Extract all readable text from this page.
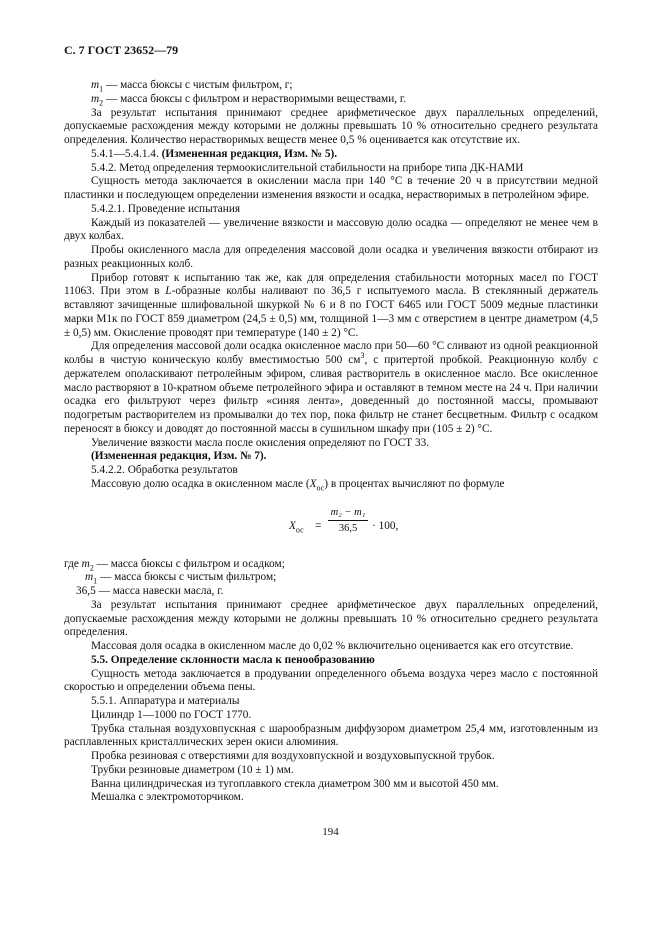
С. 7 ГОСТ 23652—79

$m_1$ — масса бюксы с чистым фильтром, г;

$m_2$ — масса бюксы с фильтром и нерастворимыми веществами, г.

За результат испытания принимают среднее арифметическое двух параллельных определений, допускаемые расхождения между которыми не должны превышать 10 % относительно среднего результата определения. Количество нерастворимых веществ менее 0,5 % оценивается как отсутствие их.

5.4.1—5.4.1.4. (Измененная редакция, Изм. № 5).

5.4.2. Метод определения термоокислительной стабильности на приборе типа ДК-НАМИ

Сущность метода заключается в окислении масла при 140 °С в течение 20 ч в присутствии медной пластинки и последующем определении изменения вязкости и осадка, нерастворимых в петролейном эфире.

5.4.2.1. Проведение испытания

Каждый из показателей — увеличение вязкости и массовую долю осадка — определяют не менее чем в двух колбах.

Пробы окисленного масла для определения массовой доли осадка и увеличения вязкости отбирают из разных реакционных колб.

Прибор готовят к испытанию так же, как для определения стабильности моторных масел по ГОСТ 11063. При этом в L-образные колбы наливают по 36,5 г испытуемого масла. В стеклянный держатель вставляют зачищенные шлифовальной шкуркой № 6 и 8 по ГОСТ 6465 или ГОСТ 5009 медные пластинки марки М1к по ГОСТ 859 диаметром (24,5 ± 0,5) мм, толщиной 1—3 мм с отверстием в центре диаметром (4,5 ± 0,5) мм. Окисление проводят при температуре (140 ± 2) °С.

Для определения массовой доли осадка окисленное масло при 50—60 °С сливают из одной реакционной колбы в чистую коническую колбу вместимостью 500 $см^3$, с притертой пробкой. Реакционную колбу с держателем ополаскивают петролейным эфиром, сливая растворитель в окисленное масло. Все окисленное масло растворяют в 10-кратном объеме петролейного эфира и оставляют в темном месте на 24 ч. При наличии осадка его фильтруют через фильтр «синяя лента», доведенный до постоянной массы, промывают подогретым растворителем из промывалки до тех пор, пока фильтр не станет бесцветным. Фильтр с осадком переносят в бюксу и доводят до постоянной массы в сушильном шкафу при (105 ± 2) °С.

Увеличение вязкости масла после окисления определяют по ГОСТ 33.

(Измененная редакция, Изм. № 7).

5.4.2.2. Обработка результатов

Массовую долю осадка в окисленном масле $(X_{ос})$ в процентах вычисляют по формуле

$X_{ос}$ =
m₂ − m₁
36,5	· 100,

где $m_2$ — масса бюксы с фильтром и осадком;

$m_1$ — масса бюксы с чистым фильтром;

36,5 — масса навески масла, г.

За результат испытания принимают среднее арифметическое двух параллельных определений, допускаемые расхождения между которыми не должны превышать 10 % относительно среднего результата определения.

Массовая доля осадка в окисленном масле до 0,02 % включительно оценивается как его отсутствие.

5.5. Определение склонности масла к пенообразованию

Сущность метода заключается в продувании определенного объема воздуха через масло с постоянной скоростью и определении объема пены.

5.5.1. Аппаратура и материалы

Цилиндр 1—1000 по ГОСТ 1770.

Трубка стальная воздуховпускная с шарообразным диффузором диаметром 25,4 мм, изготовленным из расплавленных кристаллических зерен окиси алюминия.

Пробка резиновая с отверстиями для воздуховпускной и воздуховыпускной трубок.

Трубки резиновые диаметром (10 ± 1) мм.

Ванна цилиндрическая из тугоплавкого стекла диаметром 300 мм и высотой 450 мм.

Мешалка с электромоторчиком.

194
